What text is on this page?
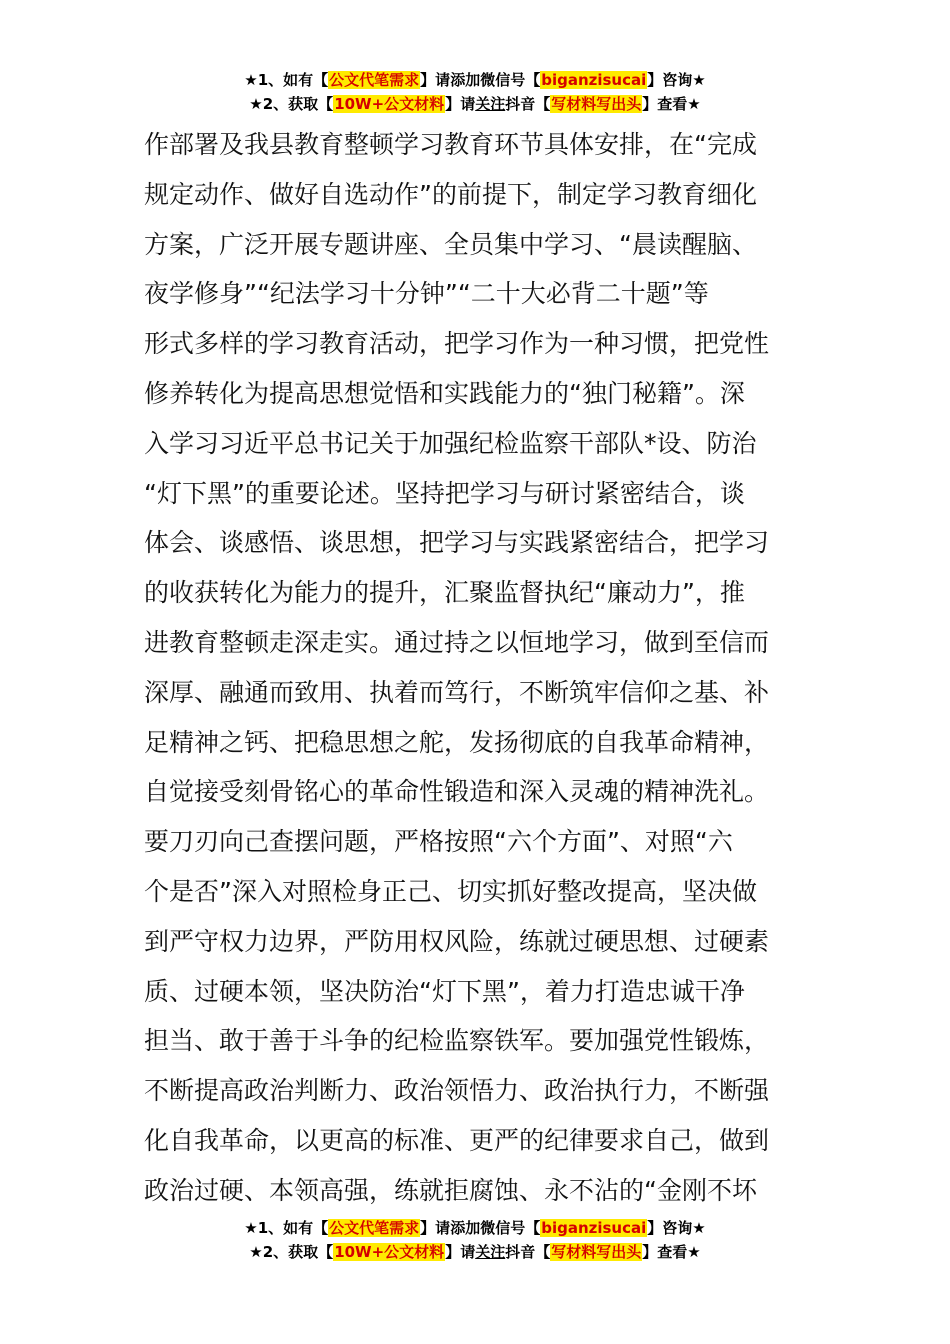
★1、如有【公文代笔需求】请添加微信号【biganzisucai】咨询★
★2、获取【10W+公文材料】请关注抖音【写材料写出头】查看★
作部署及我县教育整顿学习教育环节具体安排，在“完成
规定动作、做好自选动作”的前提下，制定学习教育细化
方案，广泛开展专题讲座、全员集中学习、“晨读醒脑、
夜学修身”“纪法学习十分钟”“二十大必背二十题”等
形式多样的学习教育活动，把学习作为一种习惯，把党性
修养转化为提高思想觉悟和实践能力的“独门秘籍”。深
入学习习近平总书记关于加强纪检监察干部队*设、防治
“灯下黑”的重要论述。坚持把学习与研讨紧密结合，谈
体会、谈感悟、谈思想，把学习与实践紧密结合，把学习
的收获转化为能力的提升，汇聚监督执纪“廉动力”，推
进教育整顿走深走实。通过持之以恒地学习，做到至信而
深厚、融通而致用、执着而笃行，不断筑牢信仰之基、补
足精神之钙、把稳思想之舵，发扬彻底的自我革命精神，
自觉接受刻骨铭心的革命性锻造和深入灵魂的精神洗礼。
要刀刃向己查摆问题，严格按照“六个方面”、对照“六
个是否”深入对照检身正己、切实抓好整改提高，坚决做
到严守权力边界，严防用权风险，练就过硬思想、过硬素
质、过硬本领，坚决防治“灯下黑”，着力打造忠诚干净
担当、敢于善于斗争的纪检监察铁军。要加强党性锻炼，
不断提高政治判断力、政治领悟力、政治执行力，不断强
化自我革命，以更高的标准、更严的纪律要求自己，做到
政治过硬、本领高强，练就拒腐蚀、永不沾的“金刚不坏
★1、如有【公文代笔需求】请添加微信号【biganzisucai】咨询★
★2、获取【10W+公文材料】请关注抖音【写材料写出头】查看★
